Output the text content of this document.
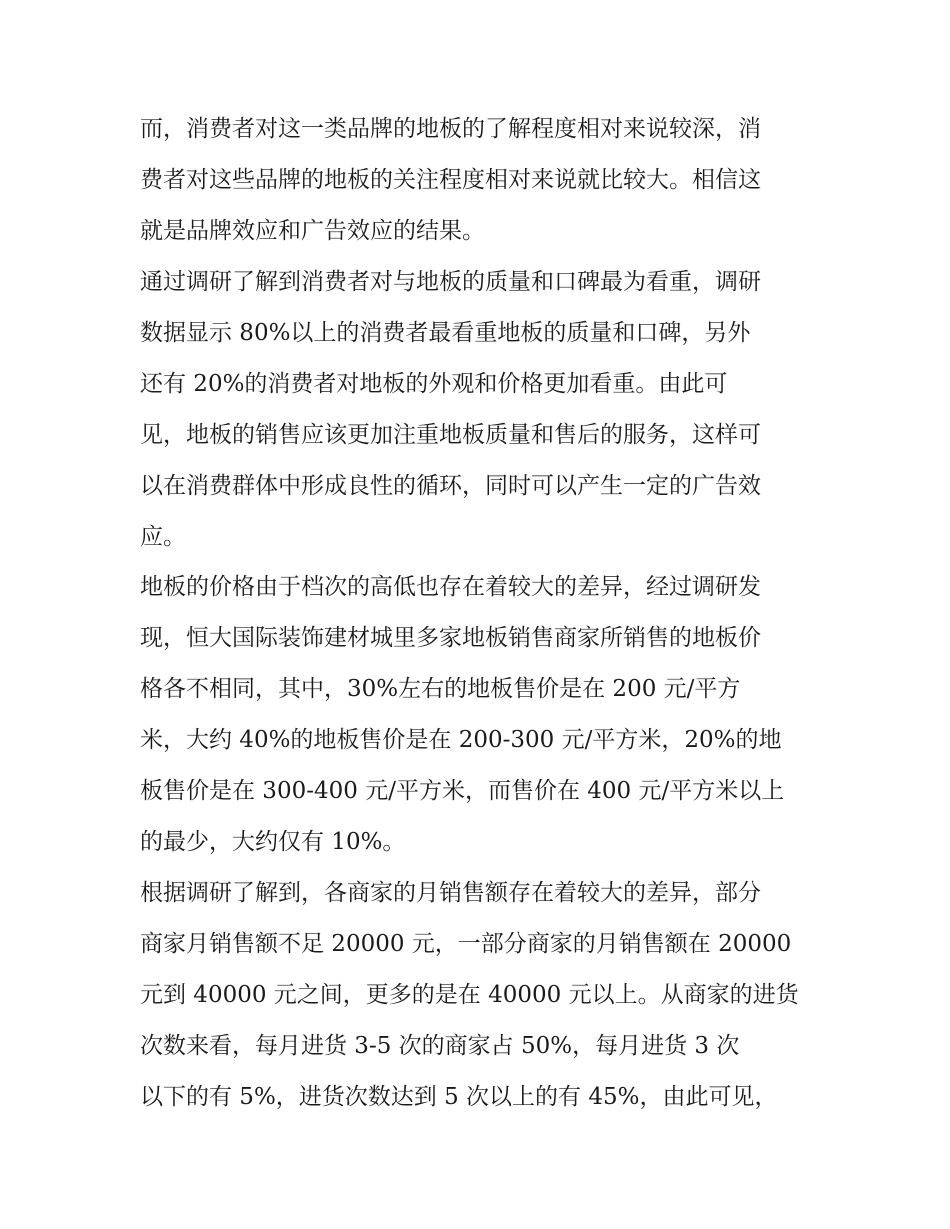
而，消费者对这一类品牌的地板的了解程度相对来说较深，消
费者对这些品牌的地板的关注程度相对来说就比较大。相信这
就是品牌效应和广告效应的结果。
通过调研了解到消费者对与地板的质量和口碑最为看重，调研
数据显示 80%以上的消费者最看重地板的质量和口碑，另外
还有 20%的消费者对地板的外观和价格更加看重。由此可
见，地板的销售应该更加注重地板质量和售后的服务，这样可
以在消费群体中形成良性的循环，同时可以产生一定的广告效
应。
地板的价格由于档次的高低也存在着较大的差异，经过调研发
现，恒大国际装饰建材城里多家地板销售商家所销售的地板价
格各不相同，其中，30%左右的地板售价是在 200 元/平方
米，大约 40%的地板售价是在 200-300 元/平方米，20%的地
板售价是在 300-400 元/平方米，而售价在 400 元/平方米以上
的最少，大约仅有 10%。
根据调研了解到，各商家的月销售额存在着较大的差异，部分
商家月销售额不足 20000 元，一部分商家的月销售额在 20000
元到 40000 元之间，更多的是在 40000 元以上。从商家的进货
次数来看，每月进货 3-5 次的商家占 50%，每月进货 3 次
以下的有 5%，进货次数达到 5 次以上的有 45%，由此可见，
